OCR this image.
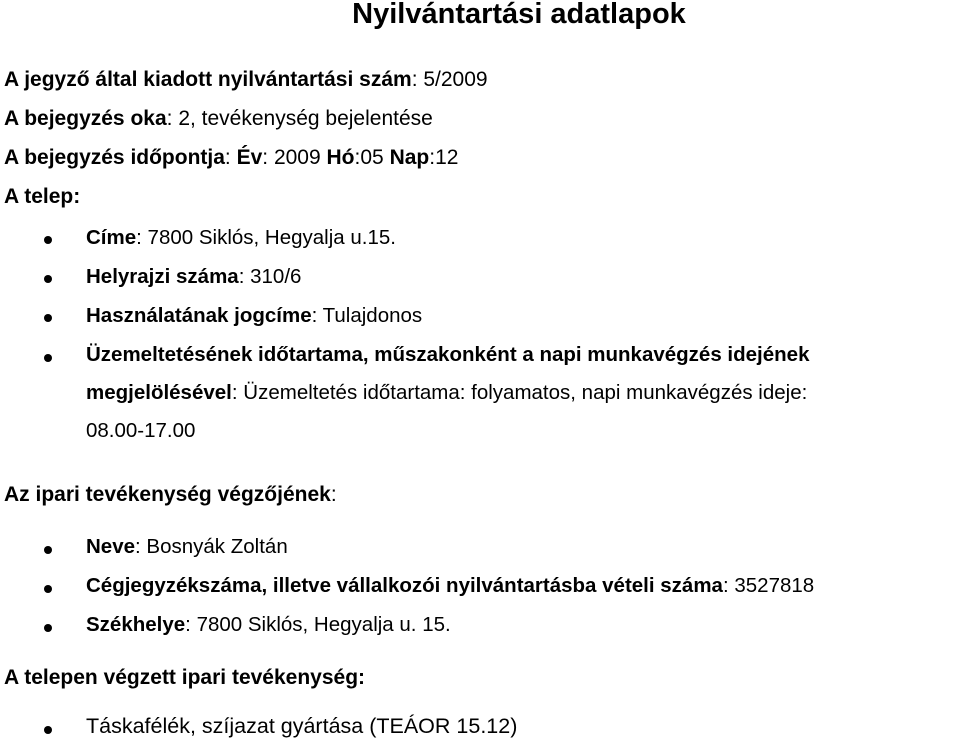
Nyilvántartási adatlapok
A jegyző által kiadott nyilvántartási szám: 5/2009
A bejegyzés oka: 2, tevékenység bejelentése
A bejegyzés időpontja: Év: 2009 Hó:05 Nap:12
A telep:
Címe: 7800 Siklós, Hegyalja u.15.
Helyrajzi száma: 310/6
Használatának jogcíme: Tulajdonos
Üzemeltetésének időtartama, műszakonként a napi munkavégzés idejének
megjelölésével: Üzemeltetés időtartama: folyamatos, napi munkavégzés ideje:
08.00-17.00
Az ipari tevékenység végzőjének:
Neve: Bosnyák Zoltán
Cégjegyzékszáma, illetve vállalkozói nyilvántartásba vételi száma: 3527818
Székhelye: 7800 Siklós, Hegyalja u. 15.
A telepen végzett ipari tevékenység:
Táskafélék, szíjazat gyártása (TEÁOR 15.12)
